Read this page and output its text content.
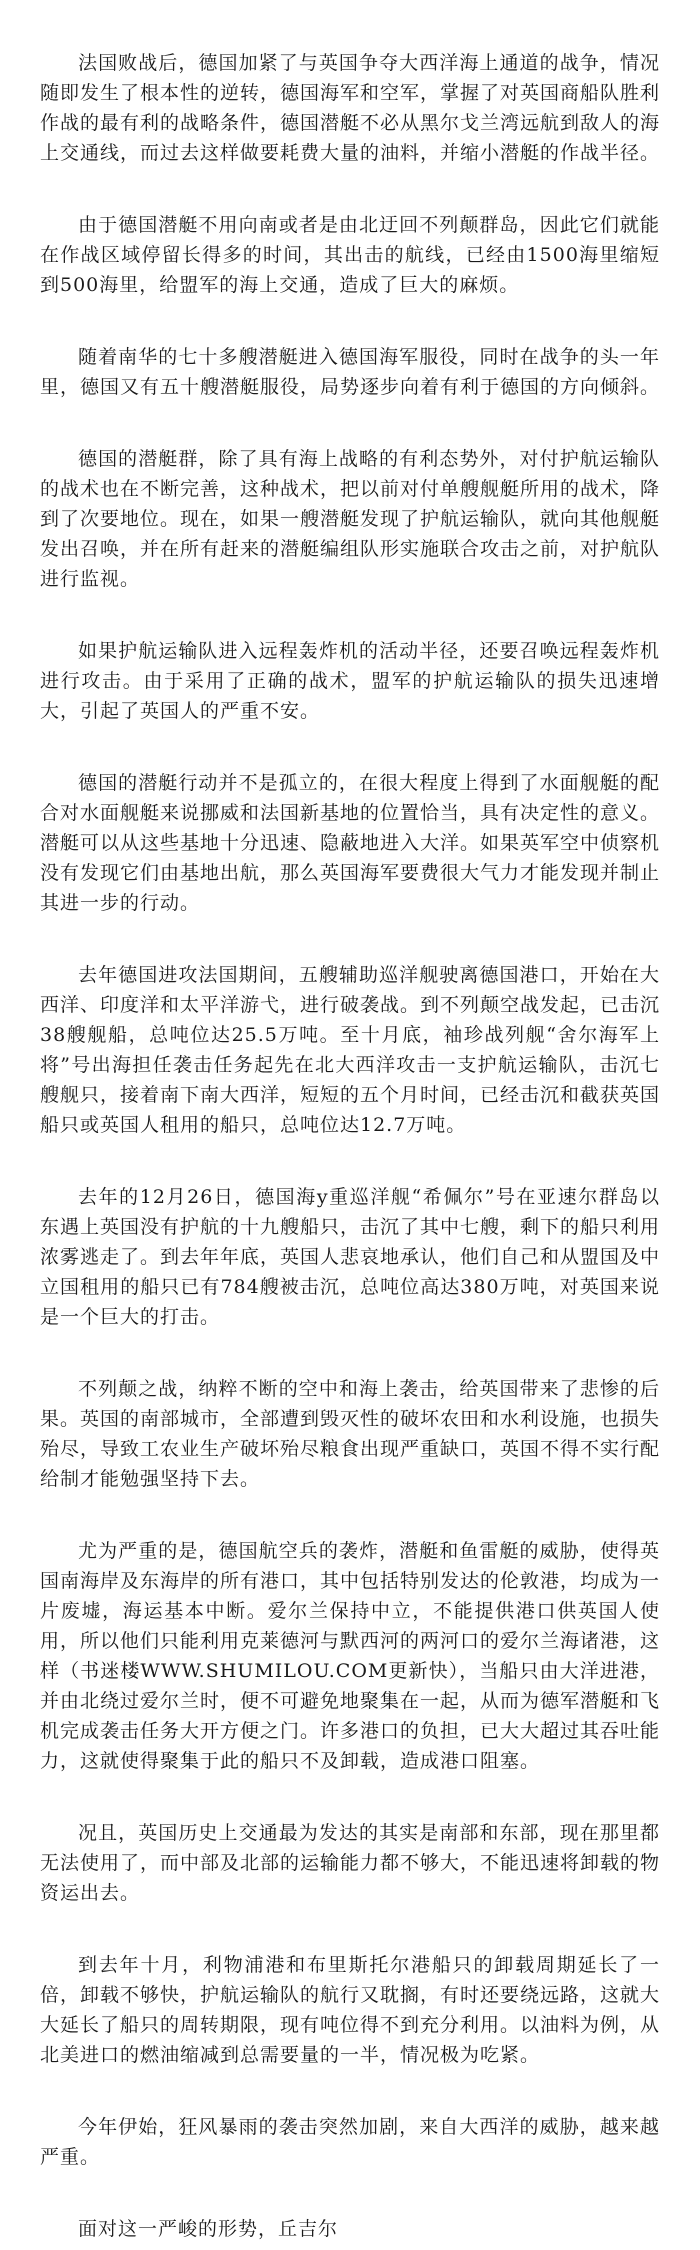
法国败战后，德国加紧了与英国争夺大西洋海上通道的战争，情况随即发生了根本性的逆转，德国海军和空军，掌握了对英国商船队胜利作战的最有利的战略条件，德国潜艇不必从黑尔戈兰湾远航到敌人的海上交通线，而过去这样做要耗费大量的油料，并缩小潜艇的作战半径。

由于德国潜艇不用向南或者是由北迂回不列颠群岛，因此它们就能在作战区域停留长得多的时间，其出击的航线，已经由1500海里缩短到500海里，给盟军的海上交通，造成了巨大的麻烦。

随着南华的七十多艘潜艇进入德国海军服役，同时在战争的头一年里，德国又有五十艘潜艇服役，局势逐步向着有利于德国的方向倾斜。

德国的潜艇群，除了具有海上战略的有利态势外，对付护航运输队的战术也在不断完善，这种战术，把以前对付单艘舰艇所用的战术，降到了次要地位。现在，如果一艘潜艇发现了护航运输队，就向其他舰艇发出召唤，并在所有赶来的潜艇编组队形实施联合攻击之前，对护航队进行监视。

如果护航运输队进入远程轰炸机的活动半径，还要召唤远程轰炸机进行攻击。由于采用了正确的战术，盟军的护航运输队的损失迅速增大，引起了英国人的严重不安。

德国的潜艇行动并不是孤立的，在很大程度上得到了水面舰艇的配合对水面舰艇来说挪威和法国新基地的位置恰当，具有决定性的意义。潜艇可以从这些基地十分迅速、隐蔽地进入大洋。如果英军空中侦察机没有发现它们由基地出航，那么英国海军要费很大气力才能发现并制止其进一步的行动。

去年德国进攻法国期间，五艘辅助巡洋舰驶离德国港口，开始在大西洋、印度洋和太平洋游弋，进行破袭战。到不列颠空战发起，已击沉38艘舰船，总吨位达25.5万吨。至十月底，袖珍战列舰“舍尔海军上将”号出海担任袭击任务起先在北大西洋攻击一支护航运输队，击沉七艘舰只，接着南下南大西洋，短短的五个月时间，已经击沉和截获英国船只或英国人租用的船只，总吨位达12.7万吨。

去年的12月26日，德国海y重巡洋舰“希佩尔”号在亚速尔群岛以东遇上英国没有护航的十九艘船只，击沉了其中七艘，剩下的船只利用浓雾逃走了。到去年年底，英国人悲哀地承认，他们自己和从盟国及中立国租用的船只已有784艘被击沉，总吨位高达380万吨，对英国来说是一个巨大的打击。

不列颠之战，纳粹不断的空中和海上袭击，给英国带来了悲惨的后果。英国的南部城市，全部遭到毁灭性的破坏农田和水利设施，也损失殆尽，导致工农业生产破坏殆尽粮食出现严重缺口，英国不得不实行配给制才能勉强坚持下去。

尤为严重的是，德国航空兵的袭炸，潜艇和鱼雷艇的威胁，使得英国南海岸及东海岸的所有港口，其中包括特别发达的伦敦港，均成为一片废墟，海运基本中断。爱尔兰保持中立，不能提供港口供英国人使用，所以他们只能利用克莱德河与默西河的两河口的爱尔兰海诸港，这样（书迷楼WWW.SHUMILOU.COM更新快），当船只由大洋进港，并由北绕过爱尔兰时，便不可避免地聚集在一起，从而为德军潜艇和飞机完成袭击任务大开方便之门。许多港口的负担，已大大超过其吞吐能力，这就使得聚集于此的船只不及卸载，造成港口阻塞。

况且，英国历史上交通最为发达的其实是南部和东部，现在那里都无法使用了，而中部及北部的运输能力都不够大，不能迅速将卸载的物资运出去。

到去年十月，利物浦港和布里斯托尔港船只的卸载周期延长了一倍，卸载不够快，护航运输队的航行又耽搁，有时还要绕远路，这就大大延长了船只的周转期限，现有吨位得不到充分利用。以油料为例，从北美进口的燃油缩减到总需要量的一半，情况极为吃紧。

今年伊始，狂风暴雨的袭击突然加剧，来自大西洋的威胁，越来越严重。

面对这一严峻的形势，丘吉尔
